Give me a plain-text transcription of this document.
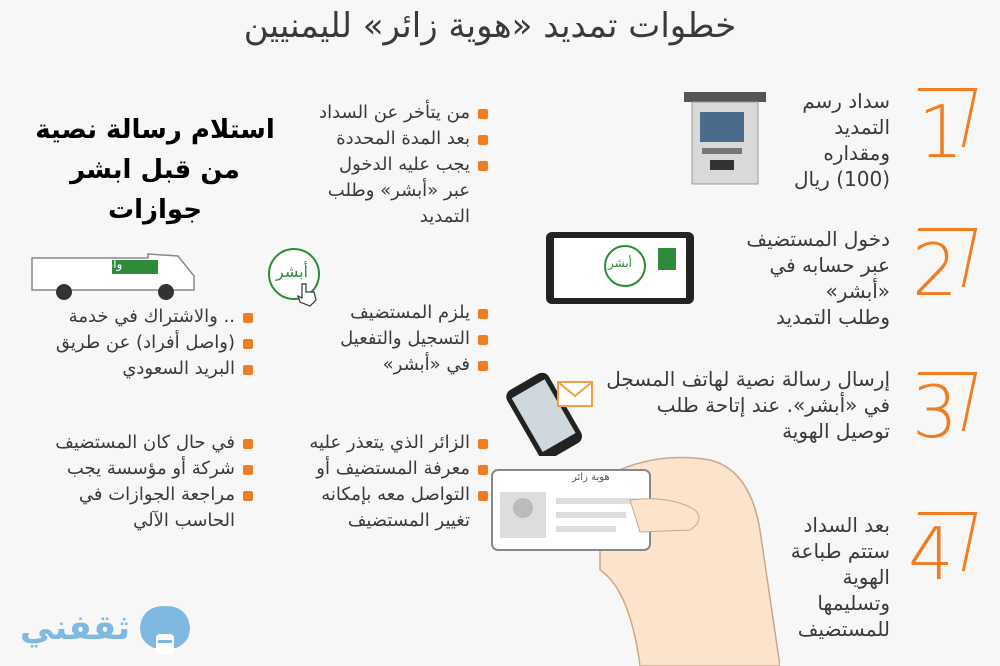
خطوات تمديد «هوية زائر» لليمنيين
استلام رسالة نصية
من قبل ابشر جوازات
1
سداد رسم
التمديد
ومقداره
(100) ريال
2
دخول المستضيف
عبر حسابه في «أبشر»
وطلب التمديد
أبشر
3
إرسال رسالة نصية لهاتف المسجل
في «أبشر». عند إتاحة طلب
توصيل الهوية
4
بعد السداد
ستتم طباعة
الهوية
وتسليمها
للمستضيف
هوية زائر
من يتأخر عن السداد
بعد المدة المحددة
يجب عليه الدخول
عبر «أبشر» وطلب
التمديد
أبشر
واصل
يلزم المستضيف
التسجيل والتفعيل
في «أبشر»
.. والاشتراك في خدمة
(واصل أفراد) عن طريق
البريد السعودي
الزائر الذي يتعذر عليه
معرفة المستضيف أو
التواصل معه بإمكانه
تغيير المستضيف
في حال كان المستضيف
شركة أو مؤسسة يجب
مراجعة الجوازات في
الحاسب الآلي
ثقفني
